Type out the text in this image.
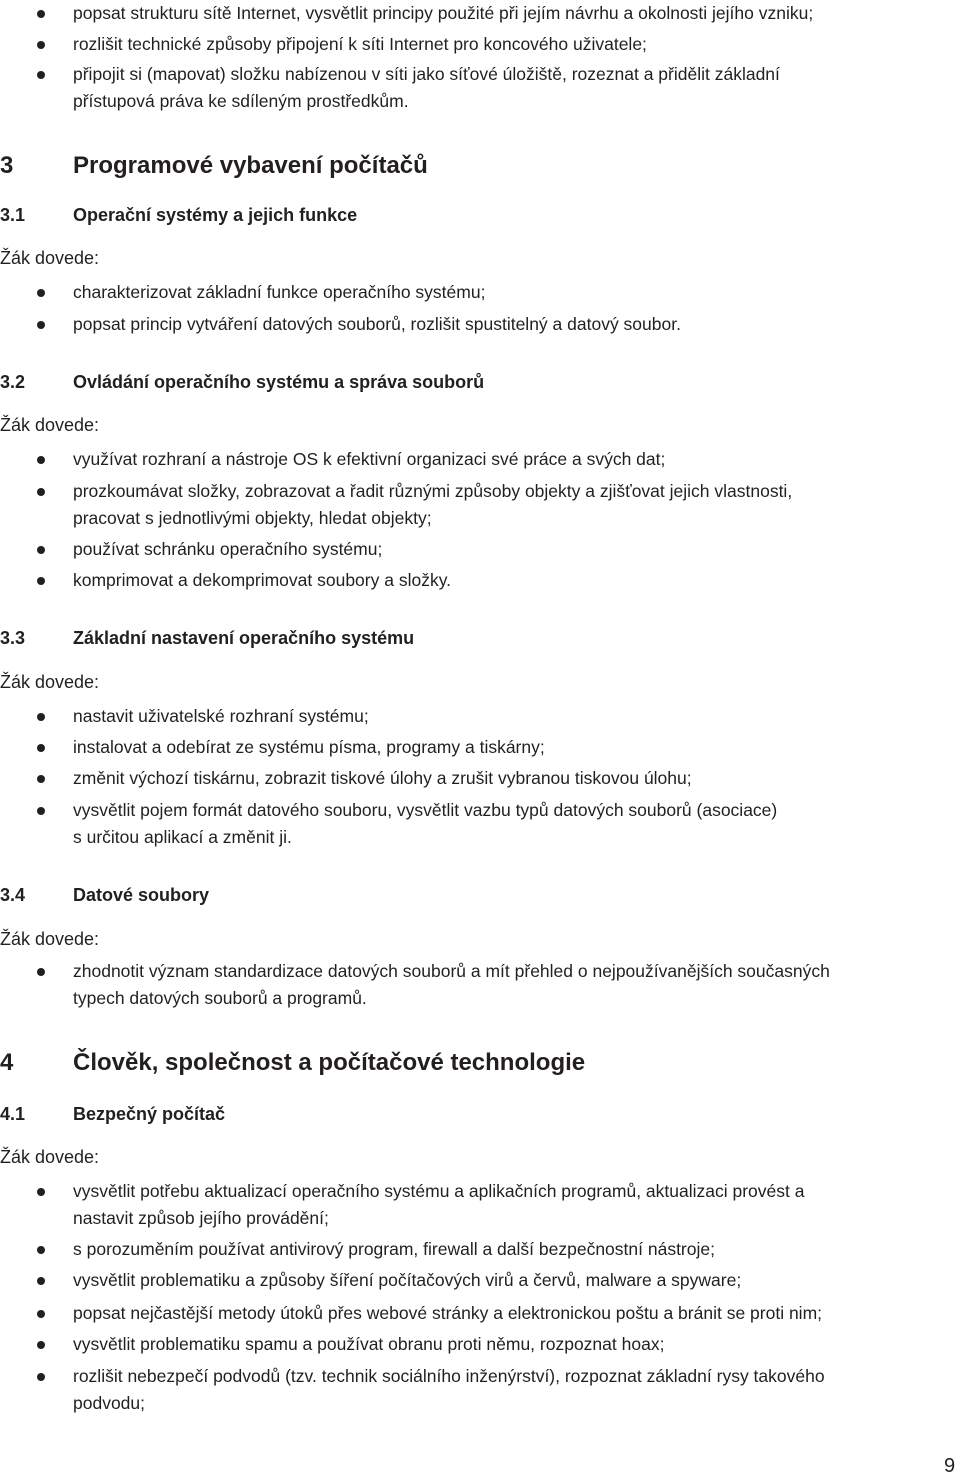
popsat strukturu sítě Internet, vysvětlit principy použité při jejím návrhu a okolnosti jejího vzniku;

rozlišit technické způsoby připojení k síti Internet pro koncového uživatele;

připojit si (mapovat) složku nabízenou v síti jako síťové úložiště, rozeznat a přidělit základní

přístupová práva ke sdíleným prostředkům.

3 Programové vybavení počítačů

3.1	Operační systémy a jejich funkce

Žák dovede:

charakterizovat základní funkce operačního systému;

popsat princip vytváření datových souborů, rozlišit spustitelný a datový soubor.

3.2	Ovládání operačního systému a správa souborů

Žák dovede:

využívat rozhraní a nástroje OS k efektivní organizaci své práce a svých dat;

prozkoumávat složky, zobrazovat a řadit různými způsoby objekty a zjišťovat jejich vlastnosti,

pracovat s jednotlivými objekty, hledat objekty;

používat schránku operačního systému;

komprimovat a dekomprimovat soubory a složky.

3.3	Základní nastavení operačního systému

Žák dovede:

nastavit uživatelské rozhraní systému;

instalovat a odebírat ze systému písma, programy a tiskárny;

změnit výchozí tiskárnu, zobrazit tiskové úlohy a zrušit vybranou tiskovou úlohu;

vysvětlit pojem formát datového souboru, vysvětlit vazbu typů datových souborů (asociace)

s určitou aplikací a změnit ji.

3.4	Datové soubory

Žák dovede:

zhodnotit význam standardizace datových souborů a mít přehled o nejpoužívanějších současných

typech datových souborů a programů.

4 Člověk, společnost a počítačové technologie

4.1	Bezpečný počítač

Žák dovede:

vysvětlit potřebu aktualizací operačního systému a aplikačních programů, aktualizaci provést a

nastavit způsob jejího provádění;

s porozuměním používat antivirový program, firewall a další bezpečnostní nástroje;

vysvětlit problematiku a způsoby šíření počítačových virů a červů, malware a spyware;

popsat nejčastější metody útoků přes webové stránky a elektronickou poštu a bránit se proti nim;

vysvětlit problematiku spamu a používat obranu proti němu, rozpoznat hoax;

rozlišit nebezpečí podvodů (tzv. technik sociálního inženýrství), rozpoznat základní rysy takového

podvodu;

9
